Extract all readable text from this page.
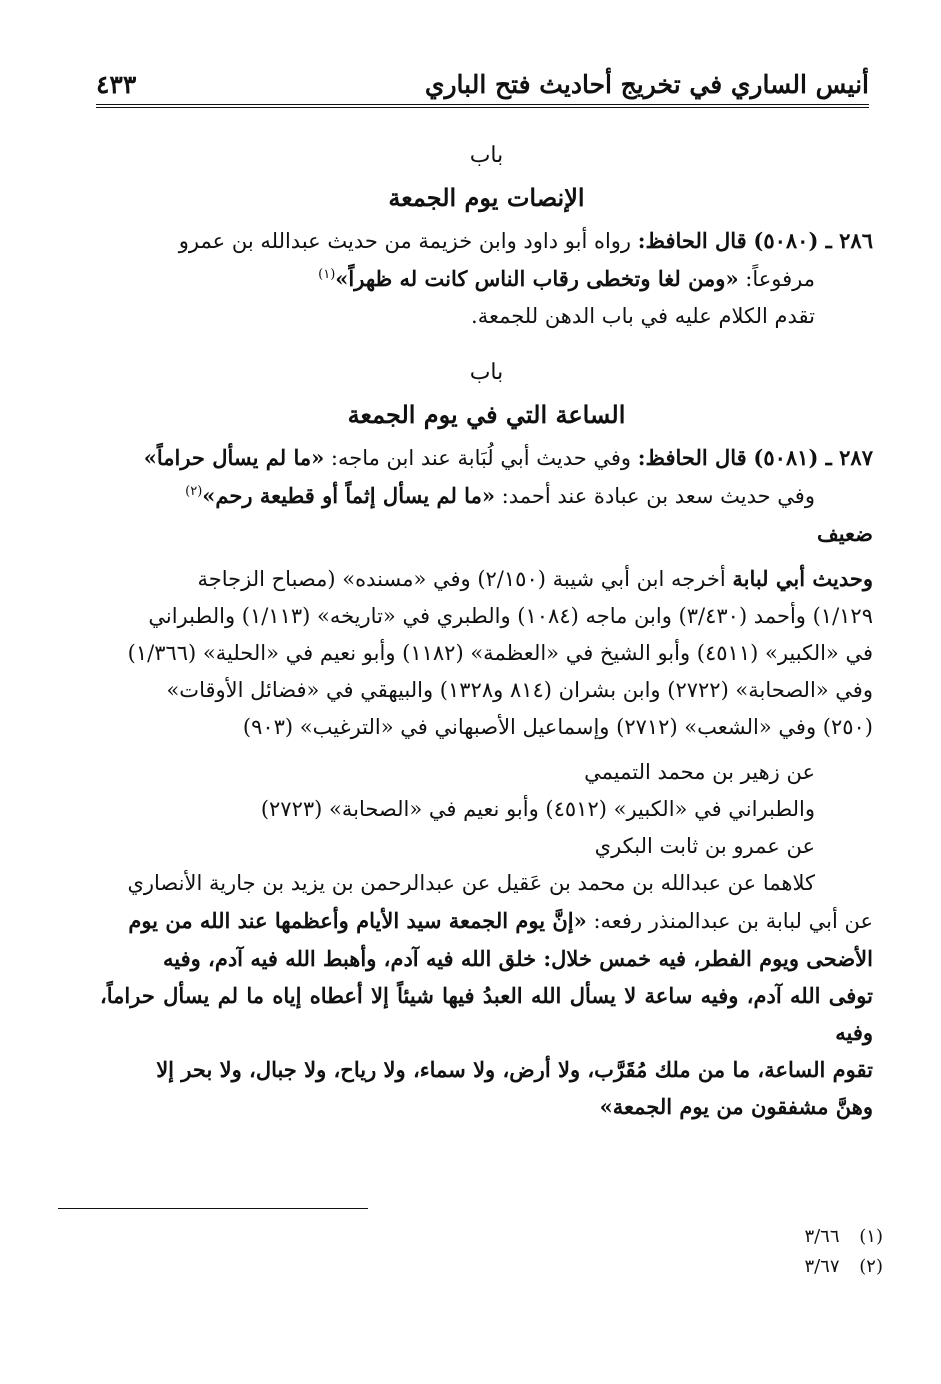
أنيس الساري في تخريج أحاديث فتح الباري
٤٣٣
باب
الإنصات يوم الجمعة

٢٨٦ ـ (٥٠٨٠) قال الحافظ: رواه أبو داود وابن خزيمة من حديث عبدالله بن عمرو

مرفوعاً: «ومن لغا وتخطى رقاب الناس كانت له ظهراً»$^{(١)}$

تقدم الكلام عليه في باب الدهن للجمعة.

باب
الساعة التي في يوم الجمعة

٢٨٧ ـ (٥٠٨١) قال الحافظ: وفي حديث أبي لُبَابة عند ابن ماجه: «ما لم يسأل حراماً»

وفي حديث سعد بن عبادة عند أحمد: «ما لم يسأل إثماً أو قطيعة رحم»$^{(٢)}$

ضعيف

وحديث أبي لبابة أخرجه ابن أبي شيبة (٢/١٥٠) وفي «مسنده» (مصباح الزجاجة

١/١٢٩) وأحمد (٣/٤٣٠) وابن ماجه (١٠٨٤) والطبري في «تاريخه» (١/١١٣) والطبراني

في «الكبير» (٤٥١١) وأبو الشيخ في «العظمة» (١١٨٢) وأبو نعيم في «الحلية» (١/٣٦٦)

وفي «الصحابة» (٢٧٢٢) وابن بشران (٨١٤ و١٣٢٨) والبيهقي في «فضائل الأوقات»

(٢٥٠) وفي «الشعب» (٢٧١٢) وإسماعيل الأصبهاني في «الترغيب» (٩٠٣)

عن زهير بن محمد التميمي

والطبراني في «الكبير» (٤٥١٢) وأبو نعيم في «الصحابة» (٢٧٢٣)

عن عمرو بن ثابت البكري

كلاهما عن عبدالله بن محمد بن عَقيل عن عبدالرحمن بن يزيد بن جارية الأنصاري

عن أبي لبابة بن عبدالمنذر رفعه: «إنَّ يوم الجمعة سيد الأيام وأعظمها عند الله من يوم

الأضحى ويوم الفطر، فيه خمس خلال: خلق الله فيه آدم، وأهبط الله فيه آدم، وفيه

توفى الله آدم، وفيه ساعة لا يسأل الله العبدُ فيها شيئاً إلا أعطاه إياه ما لم يسأل حراماً، وفيه

تقوم الساعة، ما من ملك مُقَرَّب، ولا أرض، ولا سماء، ولا رياح، ولا جبال، ولا بحر إلا

وهنَّ مشفقون من يوم الجمعة»

(١) ٣/٦٦
(٢) ٣/٦٧
